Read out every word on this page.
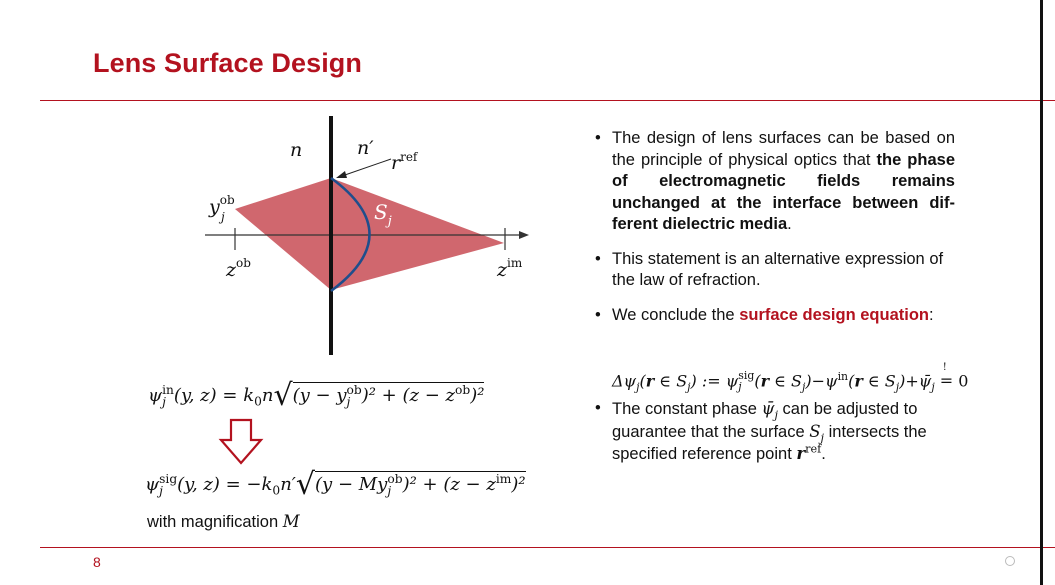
Lens Surface Design
n	n′
$r^{ref}$
$y^{ob}$ j	$S_j$
$z^{ob}$	$z^{im}$
ψ in
j (y, $z) = k_0n√(y - y$ ob
j )$^2 + (z - z^{ob})^2$
ψ sig
j (y, $z) = -k_0n'√(y - My$ ob
j )$^2 + (z - z^{im})^2$
with magnification M
• The design of lens surfaces can be based on the principle of physical optics that the phase of electromagnetic fields remains unchanged at the interface between different dielectric media.
• This statement is an alternative expression of the law of refraction.
• We conclude the surface design equation:
• The constant phase $\psī_j$ can be adjusted to guarantee that the surface $S_j$ intersects the specified reference point $r^{ref}$.
$\Delta\psi_j(r$ ∈ $S_j$) := ψ sig
j (r ∈ $S_j)-\psi^{in}(r$ ∈ $S_j)+\psī_j$
!
= 0
8
